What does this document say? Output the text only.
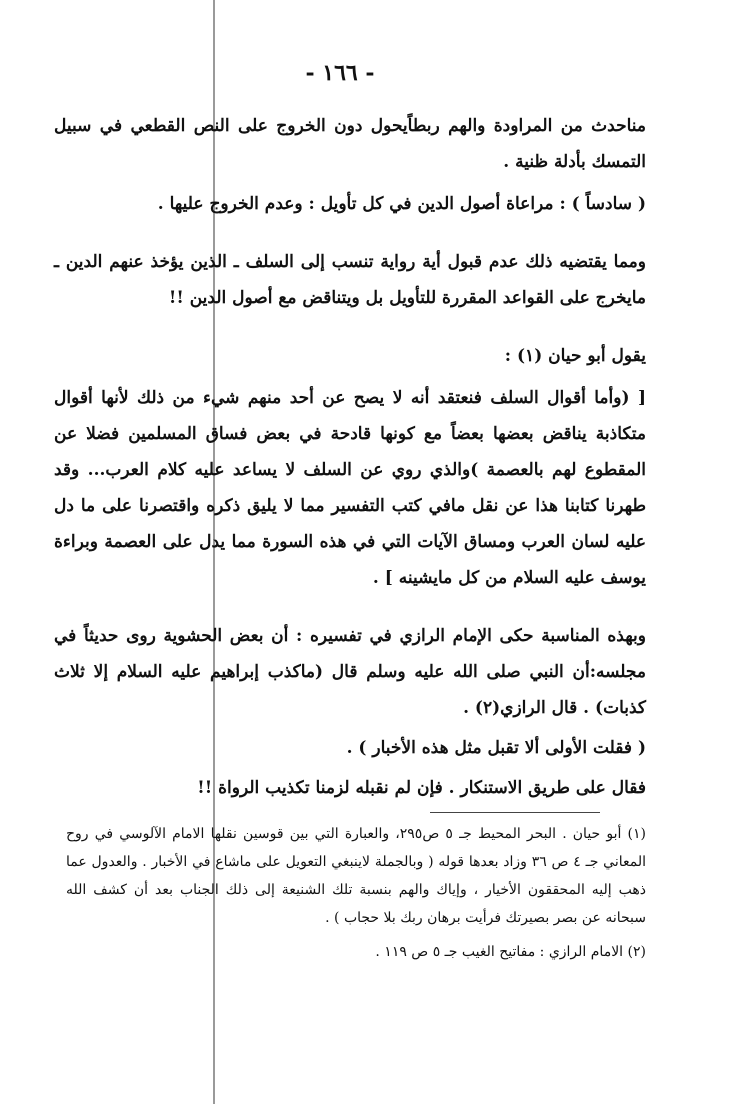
- ١٦٦ -

مناحدث من المراودة والهم ربطاًيحول دون الخروج على النص القطعي في سبيل التمسك بأدلة ظنية .

( سادساً ) : مراعاة أصول الدين في كل تأويل : وعدم الخروج عليها .

ومما يقتضيه ذلك عدم قبول أية رواية تنسب إلى السلف ـ الذين يؤخذ عنهم الدين ـ مايخرج على القواعد المقررة للتأويل بل ويتناقض مع أصول الدين !!

يقول أبو حيان (١) :

[ (وأما أقوال السلف فنعتقد أنه لا يصح عن أحد منهم شيء من ذلك لأنها أقوال متكاذبة يناقض بعضها بعضاً مع كونها قادحة في بعض فساق المسلمين فضلا عن المقطوع لهم بالعصمة )والذي روي عن السلف لا يساعد عليه كلام العرب... وقد طهرنا كتابنا هذا عن نقل مافي كتب التفسير مما لا يليق ذكره واقتصرنا على ما دل عليه لسان العرب ومساق الآيات التي في هذه السورة مما يدل على العصمة وبراءة يوسف عليه السلام من كل مايشينه ] .

وبهذه المناسبة حكى الإمام الرازي في تفسيره : أن بعض الحشوية روى حديثاً في مجلسه:أن النبي صلى الله عليه وسلم قال (ماكذب إبراهيم عليه السلام إلا ثلاث كذبات) . قال الرازي(٢) .

( فقلت الأولى ألا تقبل مثل هذه الأخبار ) .

فقال على طريق الاستنكار . فإن لم نقبله لزمنا تكذيب الرواة !!

(١) أبو حيان . البحر المحيط جـ ٥ ص٢٩٥، والعبارة التي بين قوسين نقلها الامام الآلوسي في روح المعاني جـ ٤ ص ٣٦ وزاد بعدها قوله ( وبالجملة لاينبغي التعويل على ماشاع في الأخبار . والعدول عما ذهب إليه المحققون الأخيار ، وإياك والهم بنسبة تلك الشنيعة إلى ذلك الجناب بعد أن كشف الله سبحانه عن بصر بصيرتك فرأيت برهان ربك بلا حجاب ) .

(٢) الامام الرازي : مفاتيح الغيب جـ ٥ ص ١١٩ .
